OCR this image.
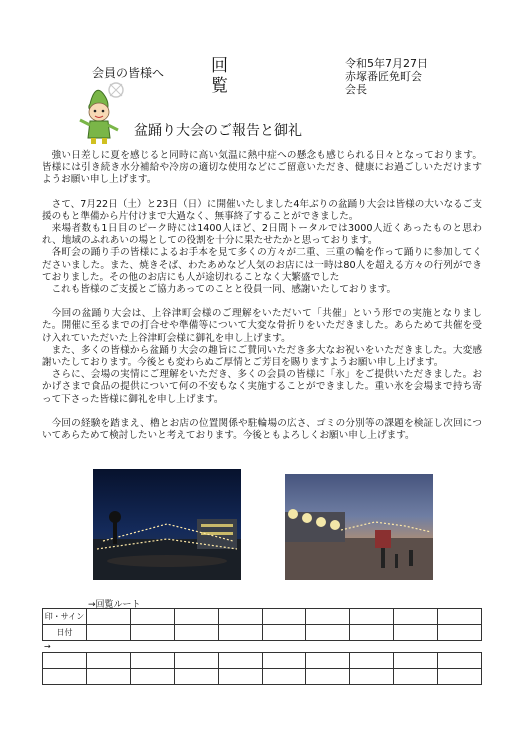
会員の皆様へ	回
覧
令和5年7月27日
赤塚番匠免町会
会長
盆踊り大会のご報告と御礼

強い日差しに夏を感じると同時に高い気温に熱中症への懸念も感じられる日々となっております。皆様には引き続き水分補給や冷房の適切な使用などにご留意いただき、健康にお過ごしいただけますようお願い申し上げます。

さて、7月22日（土）と23日（日）に開催いたしました4年ぶりの盆踊り大会は皆様の大いなるご支援のもと準備から片付けまで大過なく、無事終了することができました。

来場者数も1日目のピーク時には1400人ほど、2日間トータルでは3000人近くあったものと思われ、地域のふれあいの場としての役割を十分に果たせたかと思っております。

各町会の踊り手の皆様によるお手本を見て多くの方々が二重、三重の輪を作って踊りに参加してくださいました。また、焼きそば、わたあめなど人気のお店には一時は80人を超える方々の行列ができておりました。その他のお店にも人が途切れることなく大繁盛でした

これも皆様のご支援とご協力あってのことと役員一同、感謝いたしております。

今回の盆踊り大会は、上谷津町会様のご理解をいただいて「共催」という形での実施となりました。開催に至るまでの打合せや準備等について大変な骨折りをいただきました。あらためて共催を受け入れていただいた上谷津町会様に御礼を申し上げます。

また、多くの皆様から盆踊り大会の趣旨にご賛同いただき多大なお祝いをいただきました。大変感謝いたしております。今後とも変わらぬご厚情とご芳目を賜りますようお願い申し上げます。

さらに、会場の実情にご理解をいただき、多くの会員の皆様に「氷」をご提供いただきました。おかげさまで食品の提供について何の不安もなく実施することができました。重い氷を会場まで持ち寄って下さった皆様に御礼を申し上げます。

今回の経験を踏まえ、櫓とお店の位置関係や駐輪場の広さ、ゴミの分別等の課題を検証し次回についてあらためて検討したいと考えております。今後ともよろしくお願い申し上げます。

→回覧ルート
印・サイン									
日付									
→
